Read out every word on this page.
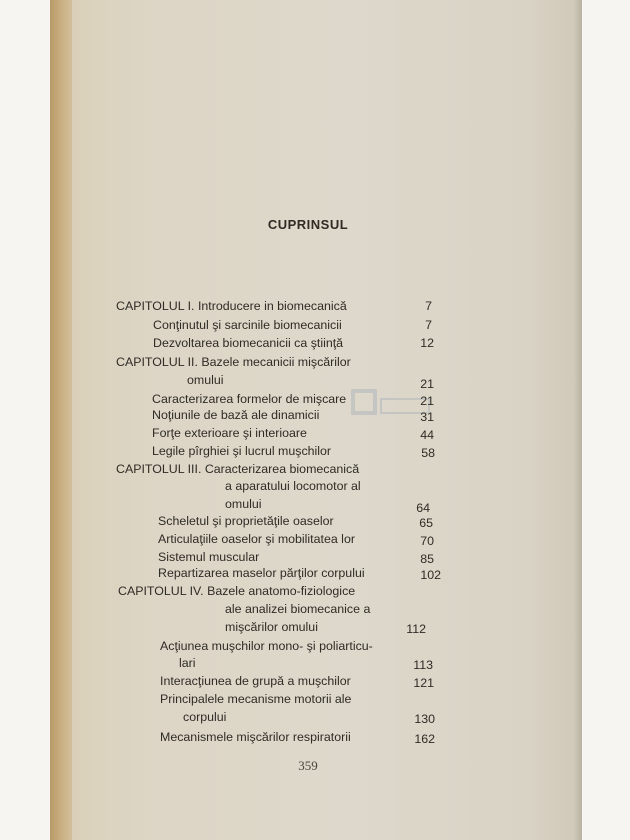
CUPRINSUL
CAPITOLUL I. Introducere in biomecanică	7
Conţinutul şi sarcinile biomecanicii	7
Dezvoltarea biomecanicii ca ştiinţă	12
CAPITOLUL II. Bazele mecanicii mişcărilor
omului	21
Caracterizarea formelor de mişcare	21
Noţiunile de bază ale dinamicii	31
Forţe exterioare şi interioare	44
Legile pîrghiei şi lucrul muşchilor	58
CAPITOLUL III. Caracterizarea biomecanică
a aparatului locomotor al
omului	64
Scheletul şi proprietăţile oaselor	65
Articulaţiile oaselor şi mobilitatea lor	70
Sistemul muscular	85
Repartizarea maselor părţilor corpului	102
CAPITOLUL IV. Bazele anatomo-fiziologice
ale analizei biomecanice a
mişcărilor omului	112
Acţiunea muşchilor mono- şi poliarticu-
lari	113
Interacţiunea de grupă a muşchilor	121
Principalele mecanisme motorii ale
corpului	130
Mecanismele mişcărilor respiratorii	162
359
